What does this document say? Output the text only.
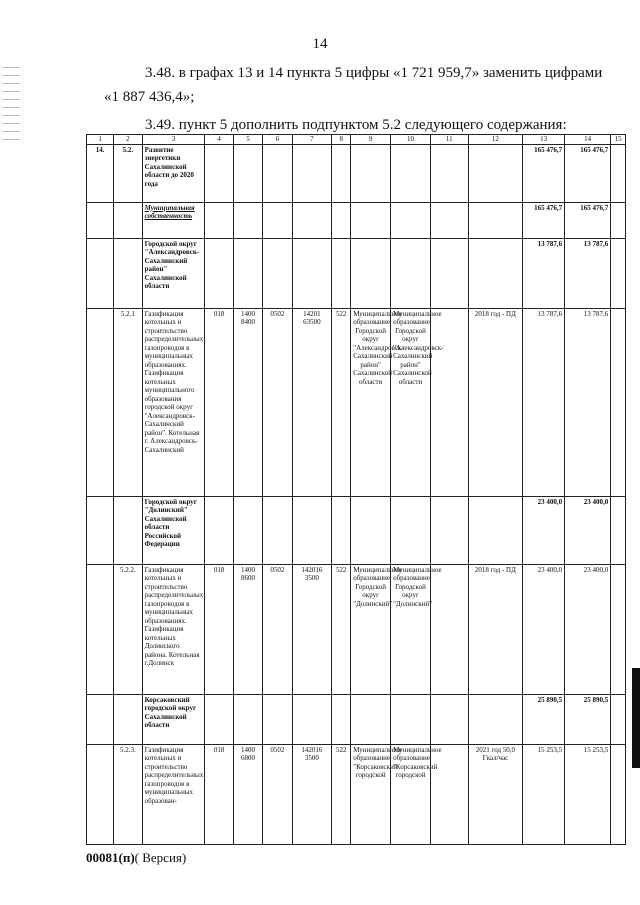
14
3.48. в графах 13 и 14 пункта 5 цифры «1 721 959,7» заменить цифрами
«1 887 436,4»;
3.49. пункт 5 дополнить подпунктом 5.2 следующего содержания:
1	2	3	4	5	6	7	8	9	10	11	12	13	14	15
14.	5.2.	Развитие энергетики Сахалинской области до 2020 года										165 476,7	165 476,7	
		Муниципальная собственность										165 476,7	165 476,7	
		Городской округ "Александровск-Сахалинский район" Сахалинской области										13 787,6	13 787,6	
	5.2.1	Газификация котельных и строительство распределительных газопроводов в муниципальных образованиях. Газификация котельных муниципального образования городской округ "Александровск-Сахалинский район". Котельная г. Александровск-Сахалинский	018	1400 8400	0502	14201 63500	522	Муниципальное образование Городской округ "Александровск-Сахалинский район" Сахалинской области	Муниципальное образование Городской округ "Александровск-Сахалинский район" Сахалинской области		2018 год - ПД	13 787,6	13 787,6	
		Городской округ "Долинский" Сахалинской области Российской Федерации										23 400,0	23 400,0	
	5.2.2.	Газификация котельных и строительство распределительных газопроводов в муниципальных образованиях. Газификация котельных Долинского района. Котельная г.Долинск	018	1400 8600	0502	142016 3500	522	Муниципальное образование Городской округ "Долинский"	Муниципальное образование Городской округ "Долинский"		2018 год - ПД	23 400,0	23 400,0	
		Корсаковский городской округ Сахалинской области										25 890,5	25 890,5	
	5.2.3.	Газификация котельных и строительство распределительных газопроводов в муниципальных образован-	018	1400 6800	0502	142016 3500	522	Муниципальное образование "Корсаковский городской	Муниципальное образование "Корсаковский городской		2021 год 50,0 Гкал/час	15 253,5	15 253,5	
00081(п)( Версия)
